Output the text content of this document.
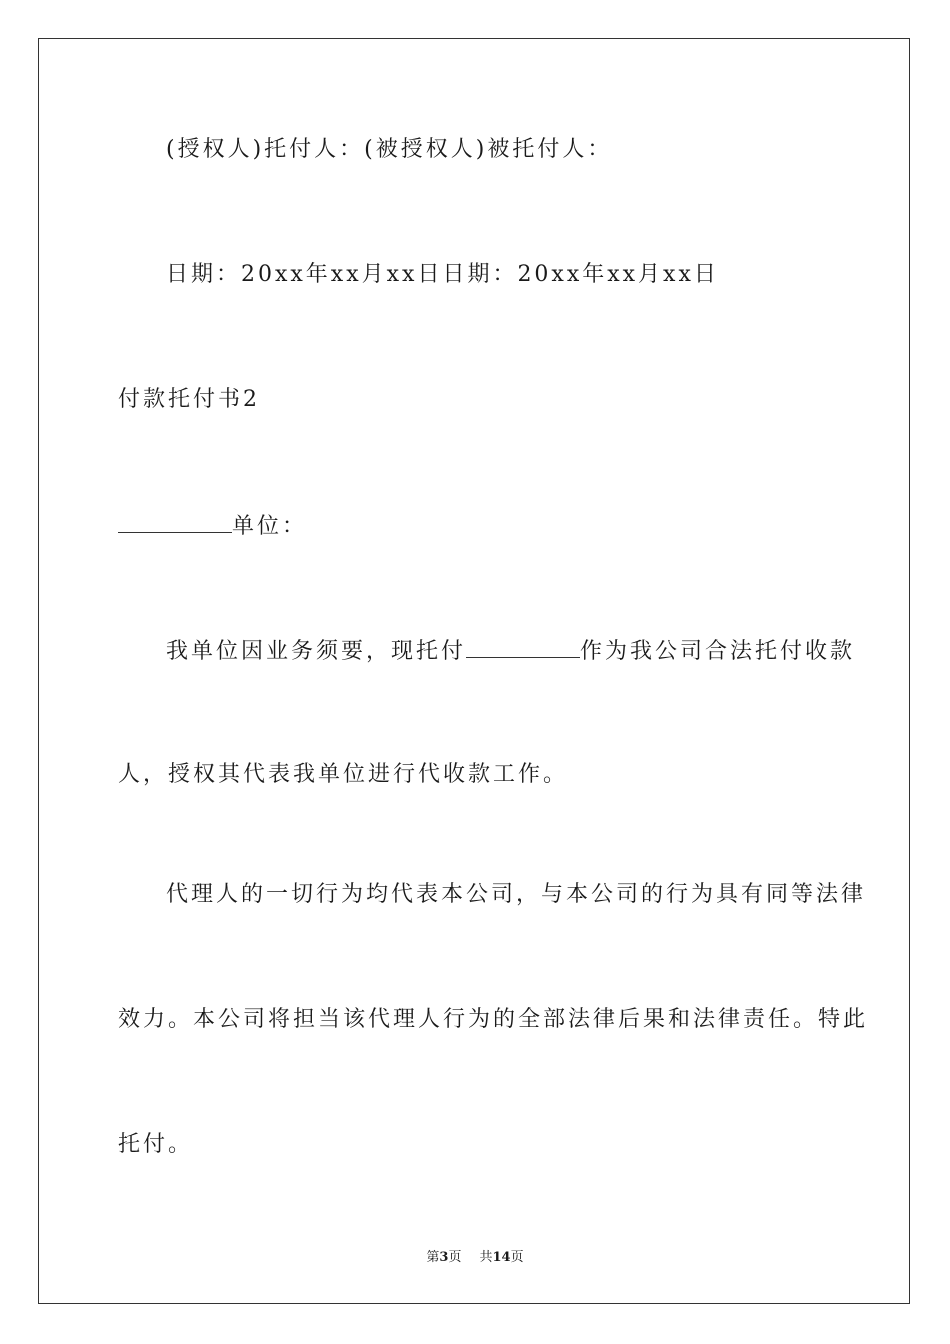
(授权人)托付人：(被授权人)被托付人：
日期：20xx年xx月xx日日期：20xx年xx月xx日
付款托付书2
单位：
我单位因业务须要，现托付	作为我公司合法托付收款
人，授权其代表我单位进行代收款工作。
代理人的一切行为均代表本公司，与本公司的行为具有同等法律
效力。本公司将担当该代理人行为的全部法律后果和法律责任。特此
托付。
第3页 共14页
